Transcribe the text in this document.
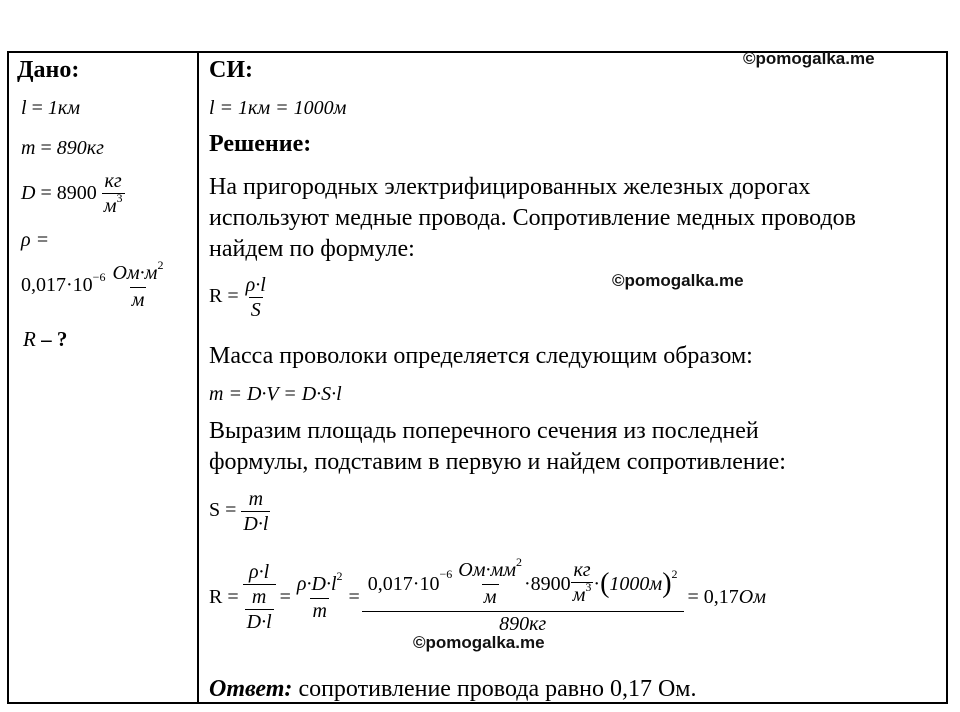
Дано:
l = 1км
m = 890кг
$D = 8900 \frac{кг}{м^3}$
ρ =
$0,017\cdot 10^{-6} \frac{Ом\cdot м^2}{м}$
R – ?
СИ:	©pomogalka.me
l = 1км = 1000м
Решение:
На пригородных электрифицированных железных дорогах
используют медные провода. Сопротивление медных проводов
найдем по формуле:
$R = \frac{\rho\cdot l}{S}$	©pomogalka.me
Масса проволоки определяется следующим образом:
m = D·V = D·S·l
Выразим площадь поперечного сечения из последней
формулы, подставим в первую и найдем сопротивление:
$S = \frac{m}{D\cdot l}$
R = ρ·l
m
$D\cdot l = \frac{\rho\cdot D\cdot l^2}{m}$ =
$0,017\cdot 10 -6 \frac{Ом\cdot мм^2}{м} \cdot 8900 \frac{кг}{м^3}$ · ( 1000м ) 2
890кг
= 0,17 Ом
©pomogalka.me
Ответ: сопротивление провода равно 0,17 Ом.
